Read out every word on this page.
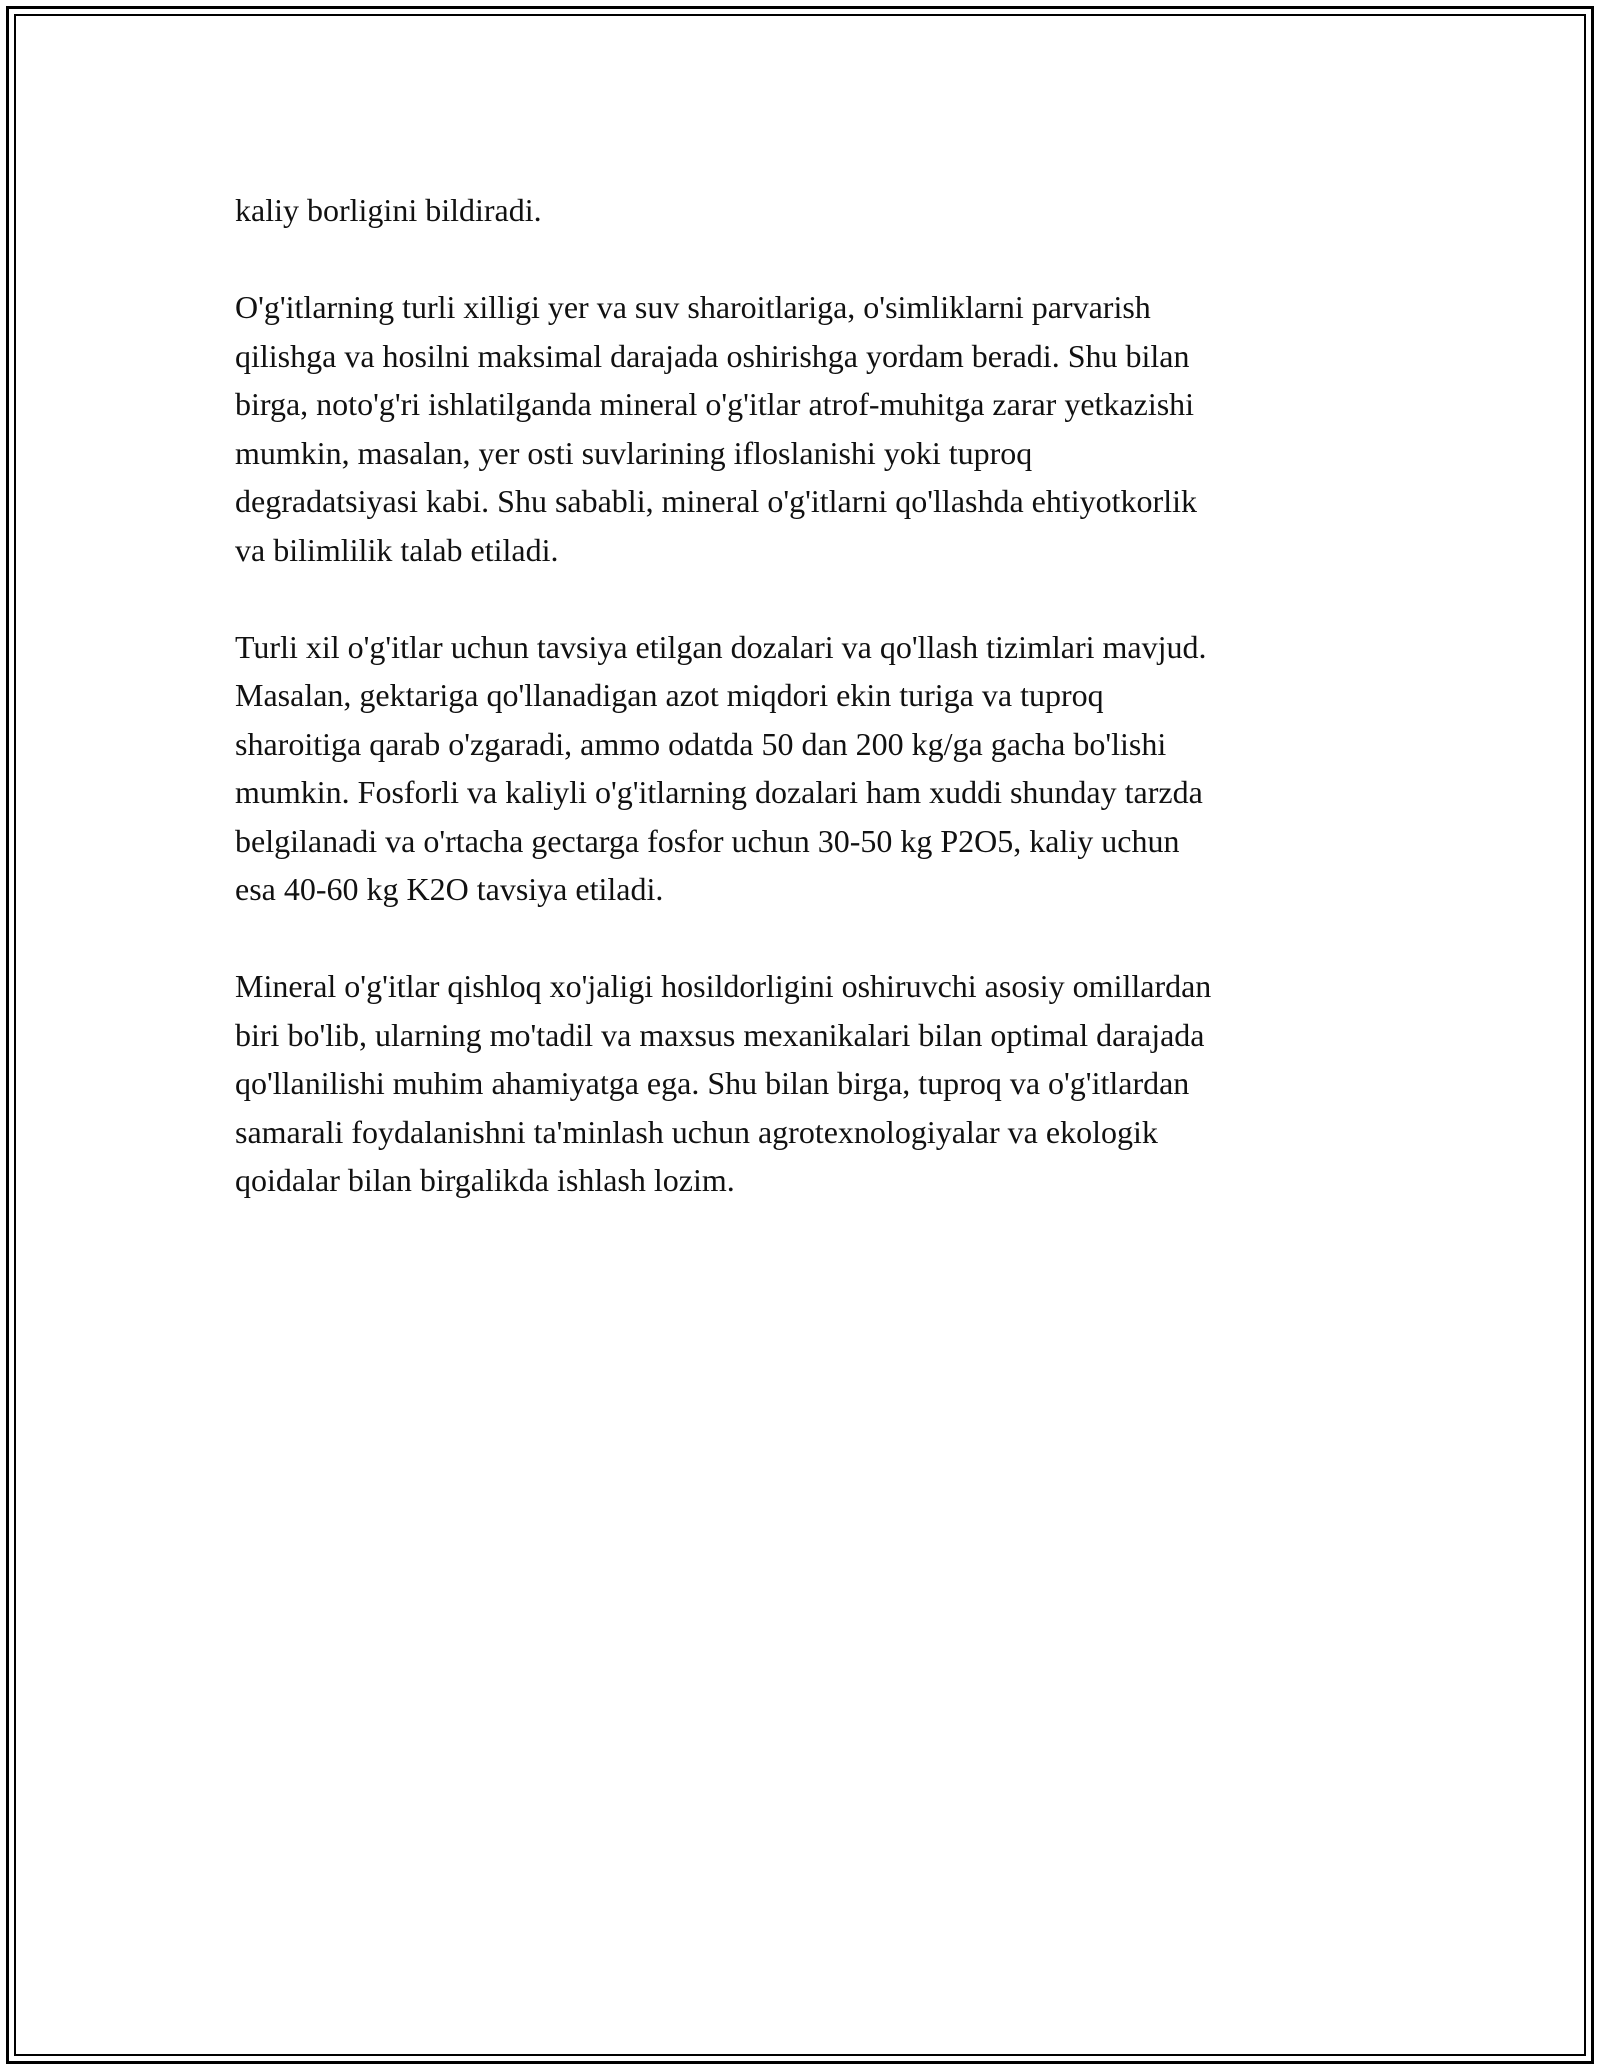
kaliy borligini bildiradi.

O'g'itlarning turli xilligi yer va suv sharoitlariga, o'simliklarni parvarish
qilishga va hosilni maksimal darajada oshirishga yordam beradi. Shu bilan
birga, noto'g'ri ishlatilganda mineral o'g'itlar atrof-muhitga zarar yetkazishi
mumkin, masalan, yer osti suvlarining ifloslanishi yoki tuproq
degradatsiyasi kabi. Shu sababli, mineral o'g'itlarni qo'llashda ehtiyotkorlik
va bilimlilik talab etiladi.

Turli xil o'g'itlar uchun tavsiya etilgan dozalari va qo'llash tizimlari mavjud.
Masalan, gektariga qo'llanadigan azot miqdori ekin turiga va tuproq
sharoitiga qarab o'zgaradi, ammo odatda 50 dan 200 kg/ga gacha bo'lishi
mumkin. Fosforli va kaliyli o'g'itlarning dozalari ham xuddi shunday tarzda
belgilanadi va o'rtacha gectarga fosfor uchun 30-50 kg P2O5, kaliy uchun
esa 40-60 kg K2O tavsiya etiladi.

Mineral o'g'itlar qishloq xo'jaligi hosildorligini oshiruvchi asosiy omillardan
biri bo'lib, ularning mo'tadil va maxsus mexanikalari bilan optimal darajada
qo'llanilishi muhim ahamiyatga ega. Shu bilan birga, tuproq va o'g'itlardan
samarali foydalanishni ta'minlash uchun agrotexnologiyalar va ekologik
qoidalar bilan birgalikda ishlash lozim.
